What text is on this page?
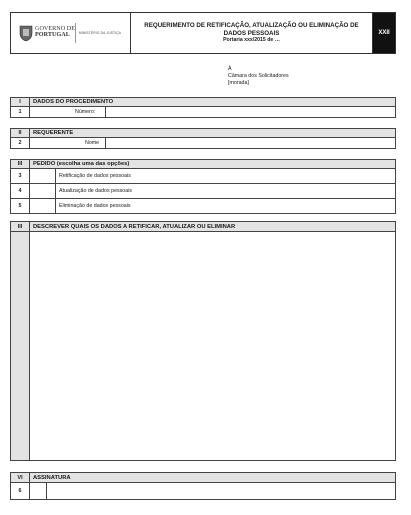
GOVERNO DE
PORTUGAL	MINISTÉRIO DA JUSTIÇA
REQUERIMENTO DE RETIFICAÇÃO, ATUALIZAÇÃO OU ELIMINAÇÃO DE
DADOS PESSOAIS
Portaria xxx/2015 de …
XXII
À
Câmara dos Solicitadores
[morada]
I	DADOS DO PROCEDIMENTO
1	Número:
II	REQUERENTE
2	Nome
III	PEDIDO (escolha uma das opções)
3	Retificação de dados pessoais
4	Atualização de dados pessoais
5	Eliminação de dados pessoais
III	DESCREVER QUAIS OS DADOS A RETIFICAR, ATUALIZAR OU ELIMINAR
VI	ASSINATURA
6
